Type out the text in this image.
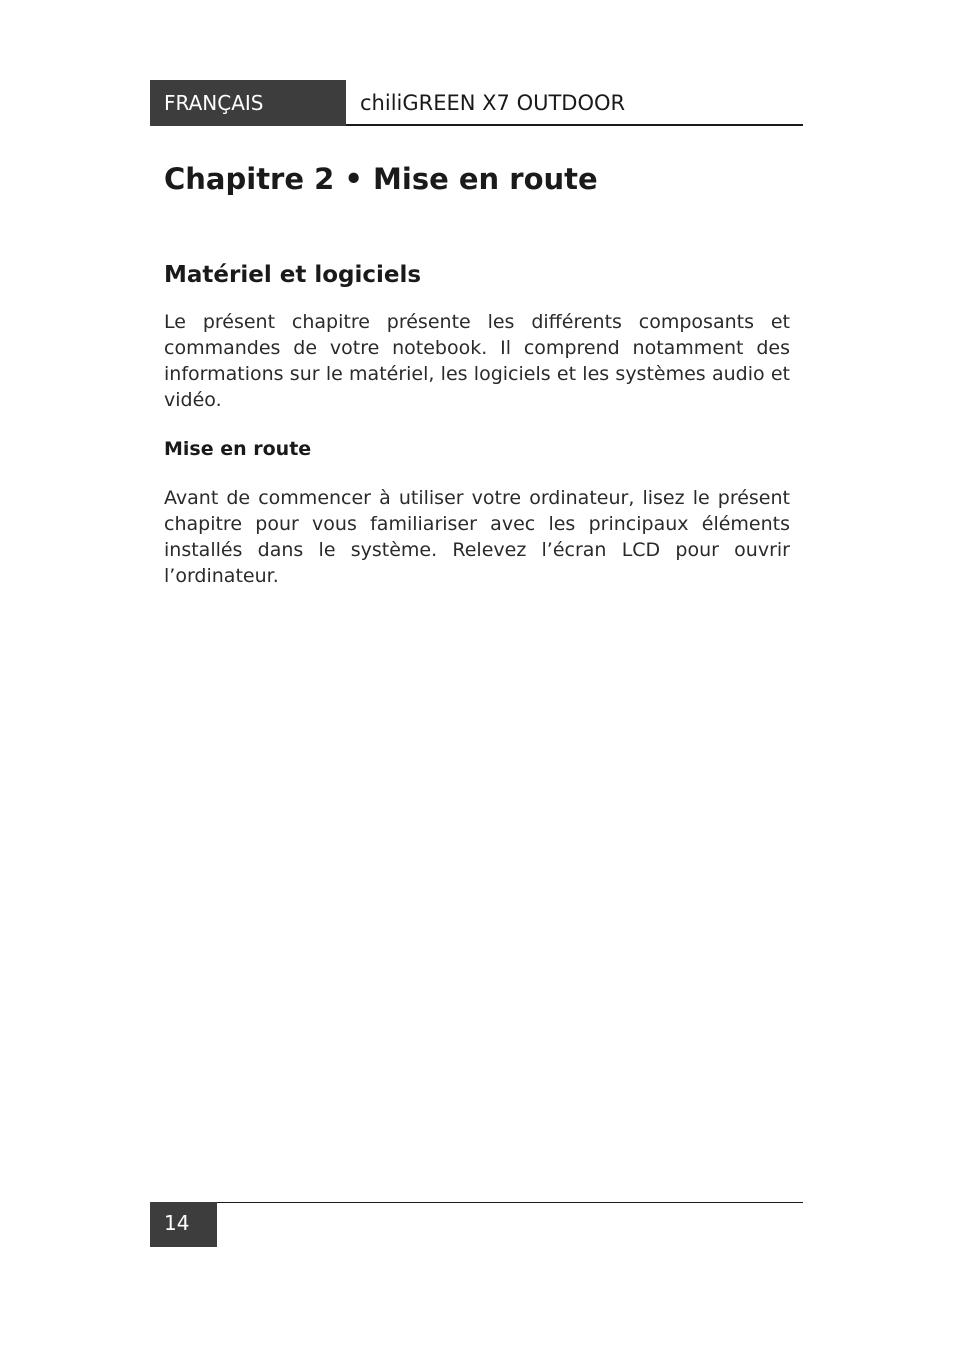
FRANÇAIS	chiliGREEN X7 OUTDOOR
Chapitre 2 • Mise en route
Matériel et logiciels

Le présent chapitre présente les différents composants et commandes de votre notebook. Il comprend notamment des informations sur le matériel, les logiciels et les systèmes audio et vidéo.

Mise en route

Avant de commencer à utiliser votre ordinateur, lisez le présent chapitre pour vous familiariser avec les principaux éléments installés dans le système. Relevez l’écran LCD pour ouvrir l’ordinateur.

14
